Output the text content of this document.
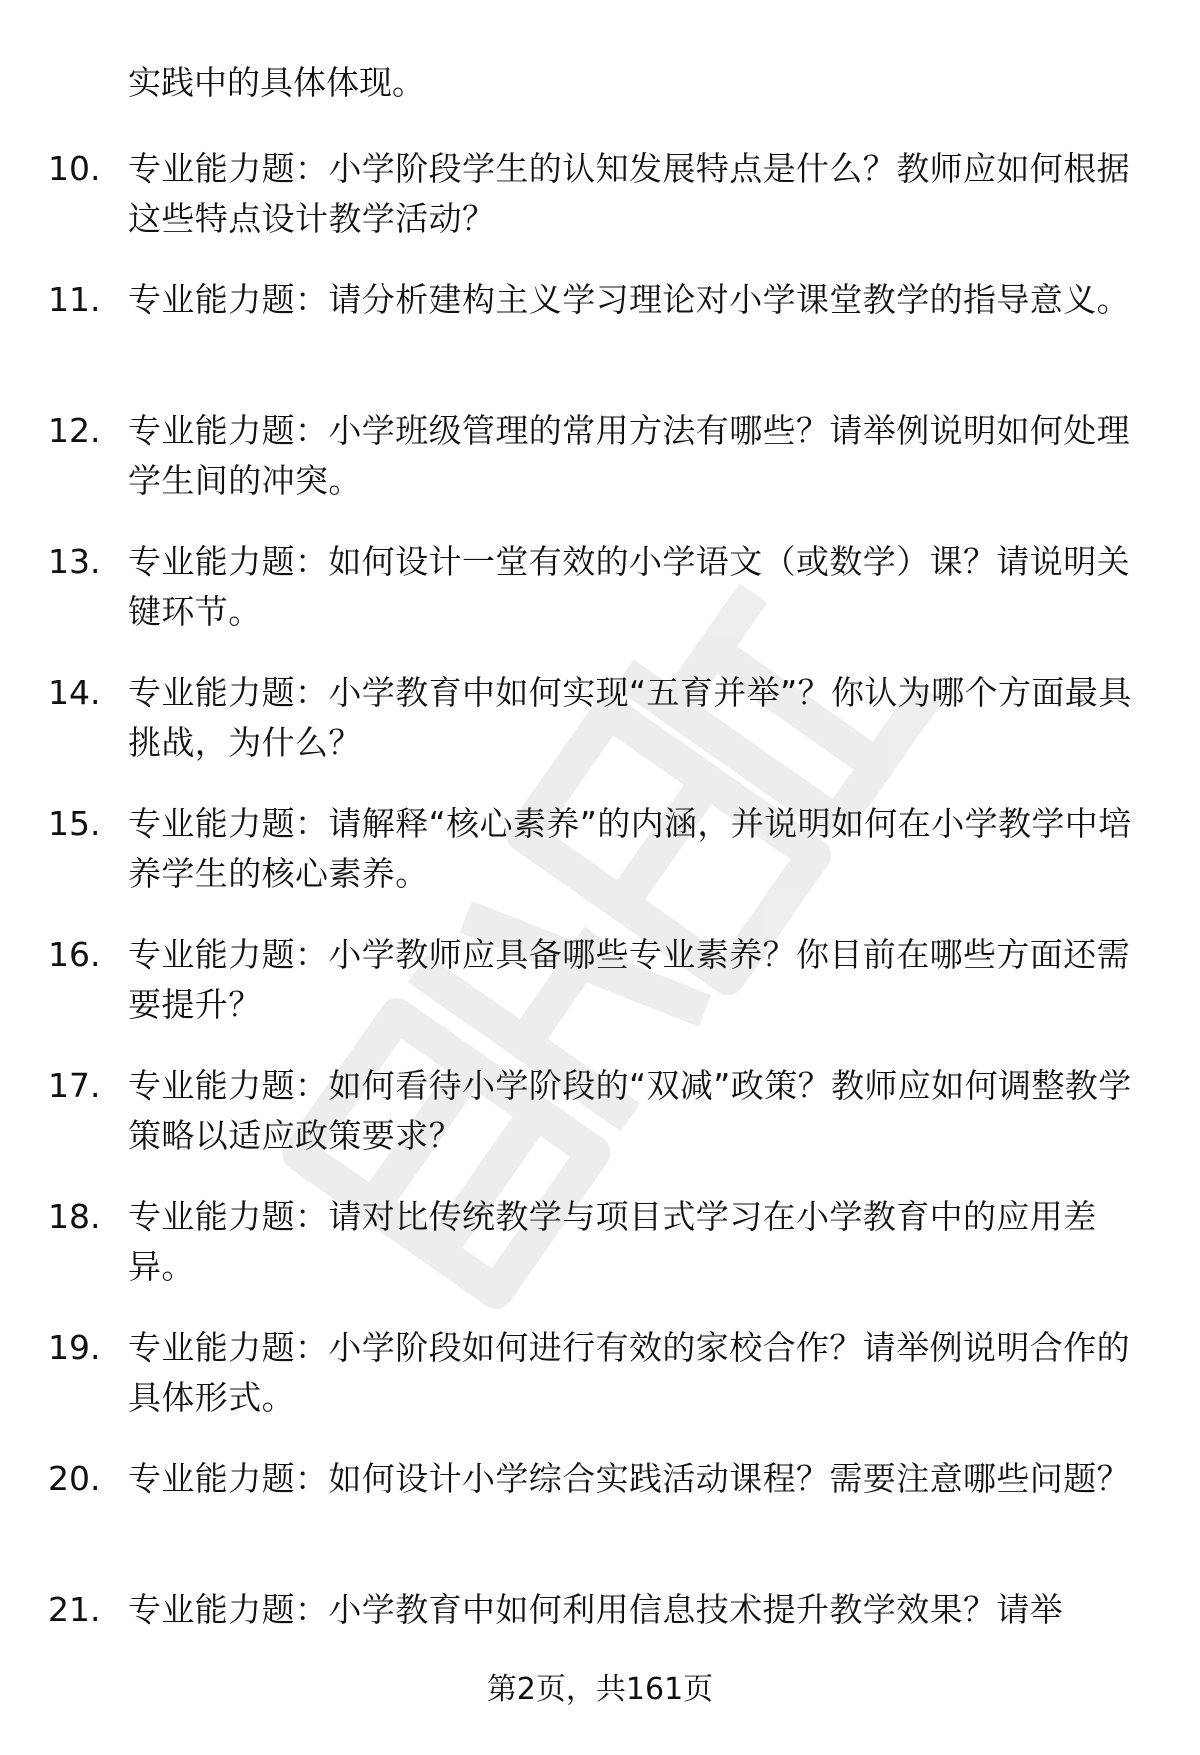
实践中的具体体现。
10. 专业能力题：小学阶段学生的认知发展特点是什么？教师应如何根据这些特点设计教学活动？
11. 专业能力题：请分析建构主义学习理论对小学课堂教学的指导意义。
12. 专业能力题：小学班级管理的常用方法有哪些？请举例说明如何处理学生间的冲突。
13. 专业能力题：如何设计一堂有效的小学语文（或数学）课？请说明关键环节。
14. 专业能力题：小学教育中如何实现“五育并举”？你认为哪个方面最具挑战，为什么？
15. 专业能力题：请解释“核心素养”的内涵，并说明如何在小学教学中培养学生的核心素养。
16. 专业能力题：小学教师应具备哪些专业素养？你目前在哪些方面还需要提升？
17. 专业能力题：如何看待小学阶段的“双减”政策？教师应如何调整教学策略以适应政策要求？
18. 专业能力题：请对比传统教学与项目式学习在小学教育中的应用差异。
19. 专业能力题：小学阶段如何进行有效的家校合作？请举例说明合作的具体形式。
20. 专业能力题：如何设计小学综合实践活动课程？需要注意哪些问题？
21. 专业能力题：小学教育中如何利用信息技术提升教学效果？请举
第2页，共161页
